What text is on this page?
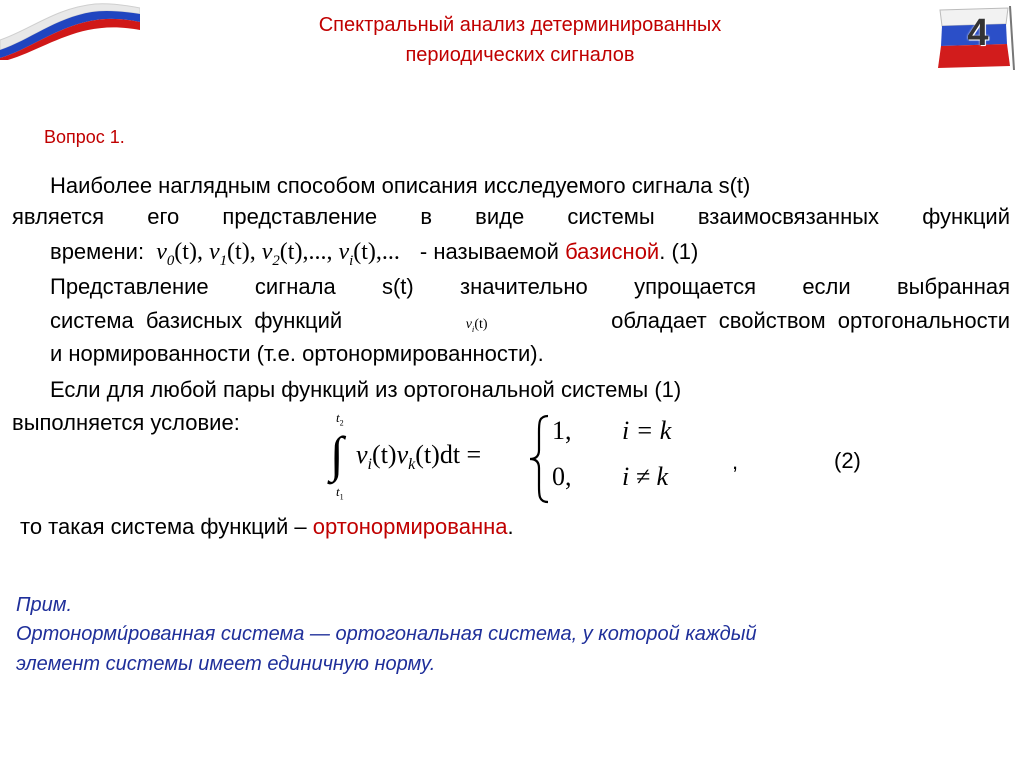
4
Спектральный анализ детерминированных
периодических сигналов
Вопрос 1.
Наиболее наглядным способом описания исследуемого сигнала s(t)
является его представление в виде системы взаимосвязанных функций
времени: $\nu_0(t)$, $\nu_1(t)$, $\nu_2(t)$,..., $\nu_i(t)$,... - называемой базисной. (1)
Представление сигнала s(t) значительно упрощается если выбранная
система базисных функций	$\nu_i(t)$	обладает свойством ортогональности
и нормированности (т.е. ортонормированности).
Если для любой пары функций из ортогональной системы (1)
выполняется условие:	$t_2$
∫
$t_1$
$\nu_i(t)\nu_k(t)dt$ =
1, i = k
0, i ≠ k
,	(2)
то такая система функций – ортонормированна.
Прим.
Ортонорми́рованная система — ортогональная система, у которой каждый
элемент системы имеет единичную норму.
